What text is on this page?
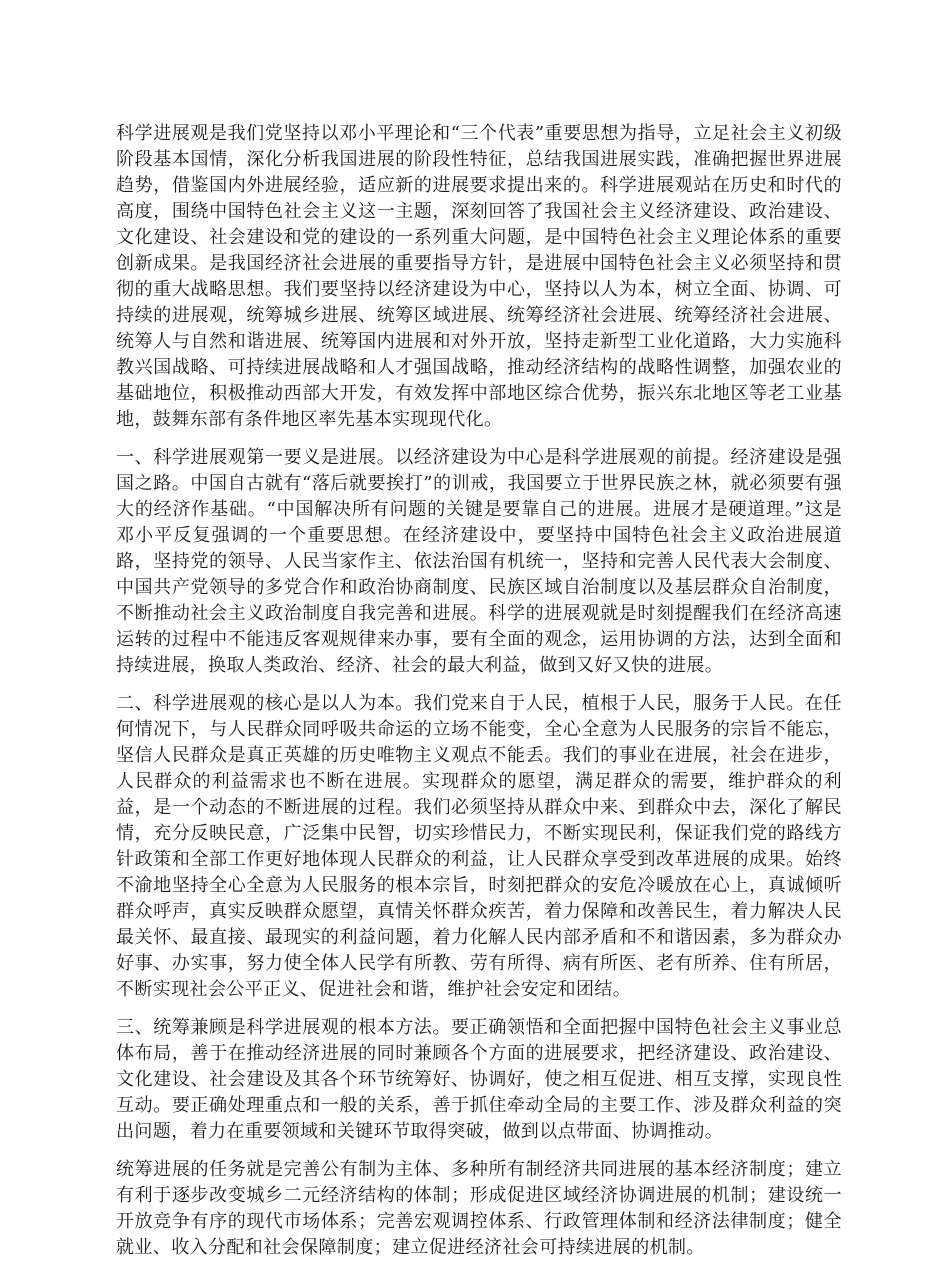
科学进展观是我们党坚持以邓小平理论和“三个代表”重要思想为指导，立足社会主义初级阶段基本国情，深化分析我国进展的阶段性特征，总结我国进展实践，准确把握世界进展趋势，借鉴国内外进展经验，适应新的进展要求提出来的。科学进展观站在历史和时代的高度，围绕中国特色社会主义这一主题，深刻回答了我国社会主义经济建设、政治建设、文化建设、社会建设和党的建设的一系列重大问题，是中国特色社会主义理论体系的重要创新成果。是我国经济社会进展的重要指导方针，是进展中国特色社会主义必须坚持和贯彻的重大战略思想。我们要坚持以经济建设为中心，坚持以人为本，树立全面、协调、可持续的进展观，统筹城乡进展、统筹区域进展、统筹经济社会进展、统筹经济社会进展、统筹人与自然和谐进展、统筹国内进展和对外开放，坚持走新型工业化道路，大力实施科教兴国战略、可持续进展战略和人才强国战略，推动经济结构的战略性调整，加强农业的基础地位，积极推动西部大开发，有效发挥中部地区综合优势，振兴东北地区等老工业基地，鼓舞东部有条件地区率先基本实现现代化。

一、科学进展观第一要义是进展。以经济建设为中心是科学进展观的前提。经济建设是强国之路。中国自古就有“落后就要挨打”的训戒，我国要立于世界民族之林，就必须要有强大的经济作基础。“中国解决所有问题的关键是要靠自己的进展。进展才是硬道理。”这是邓小平反复强调的一个重要思想。在经济建设中，要坚持中国特色社会主义政治进展道路，坚持党的领导、人民当家作主、依法治国有机统一，坚持和完善人民代表大会制度、中国共产党领导的多党合作和政治协商制度、民族区域自治制度以及基层群众自治制度，不断推动社会主义政治制度自我完善和进展。科学的进展观就是时刻提醒我们在经济高速运转的过程中不能违反客观规律来办事，要有全面的观念，运用协调的方法，达到全面和持续进展，换取人类政治、经济、社会的最大利益，做到又好又快的进展。

二、科学进展观的核心是以人为本。我们党来自于人民，植根于人民，服务于人民。在任何情况下，与人民群众同呼吸共命运的立场不能变，全心全意为人民服务的宗旨不能忘，坚信人民群众是真正英雄的历史唯物主义观点不能丢。我们的事业在进展，社会在进步，人民群众的利益需求也不断在进展。实现群众的愿望，满足群众的需要，维护群众的利益，是一个动态的不断进展的过程。我们必须坚持从群众中来、到群众中去，深化了解民情，充分反映民意，广泛集中民智，切实珍惜民力，不断实现民利，保证我们党的路线方针政策和全部工作更好地体现人民群众的利益，让人民群众享受到改革进展的成果。始终不渝地坚持全心全意为人民服务的根本宗旨，时刻把群众的安危冷暖放在心上，真诚倾听群众呼声，真实反映群众愿望，真情关怀群众疾苦，着力保障和改善民生，着力解决人民最关怀、最直接、最现实的利益问题，着力化解人民内部矛盾和不和谐因素，多为群众办好事、办实事，努力使全体人民学有所教、劳有所得、病有所医、老有所养、住有所居，不断实现社会公平正义、促进社会和谐，维护社会安定和团结。

三、统筹兼顾是科学进展观的根本方法。要正确领悟和全面把握中国特色社会主义事业总体布局，善于在推动经济进展的同时兼顾各个方面的进展要求，把经济建设、政治建设、文化建设、社会建设及其各个环节统筹好、协调好，使之相互促进、相互支撑，实现良性互动。要正确处理重点和一般的关系，善于抓住牵动全局的主要工作、涉及群众利益的突出问题，着力在重要领域和关键环节取得突破，做到以点带面、协调推动。

统筹进展的任务就是完善公有制为主体、多种所有制经济共同进展的基本经济制度；建立有利于逐步改变城乡二元经济结构的体制；形成促进区域经济协调进展的机制；建设统一开放竞争有序的现代市场体系；完善宏观调控体系、行政管理体制和经济法律制度；健全就业、收入分配和社会保障制度；建立促进经济社会可持续进展的机制。
